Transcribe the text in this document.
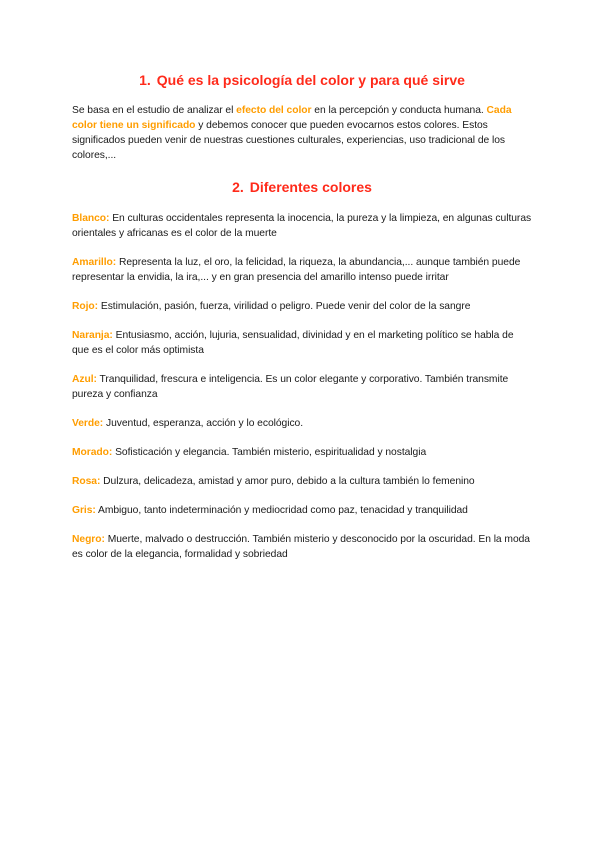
1. Qué es la psicología del color y para qué sirve

Se basa en el estudio de analizar el efecto del color en la percepción y conducta humana. Cada color tiene un significado y debemos conocer que pueden evocarnos estos colores. Estos significados pueden venir de nuestras cuestiones culturales, experiencias, uso tradicional de los colores,...

2. Diferentes colores

Blanco: En culturas occidentales representa la inocencia, la pureza y la limpieza, en algunas culturas orientales y africanas es el color de la muerte

Amarillo: Representa la luz, el oro, la felicidad, la riqueza, la abundancia,... aunque también puede representar la envidia, la ira,... y en gran presencia del amarillo intenso puede irritar

Rojo: Estimulación, pasión, fuerza, virilidad o peligro. Puede venir del color de la sangre

Naranja: Entusiasmo, acción, lujuria, sensualidad, divinidad y en el marketing político se habla de que es el color más optimista

Azul: Tranquilidad, frescura e inteligencia. Es un color elegante y corporativo. También transmite pureza y confianza

Verde: Juventud, esperanza, acción y lo ecológico.

Morado: Sofisticación y elegancia. También misterio, espiritualidad y nostalgia

Rosa: Dulzura, delicadeza, amistad y amor puro, debido a la cultura también lo femenino

Gris: Ambiguo, tanto indeterminación y mediocridad como paz, tenacidad y tranquilidad

Negro: Muerte, malvado o destrucción. También misterio y desconocido por la oscuridad. En la moda es color de la elegancia, formalidad y sobriedad
